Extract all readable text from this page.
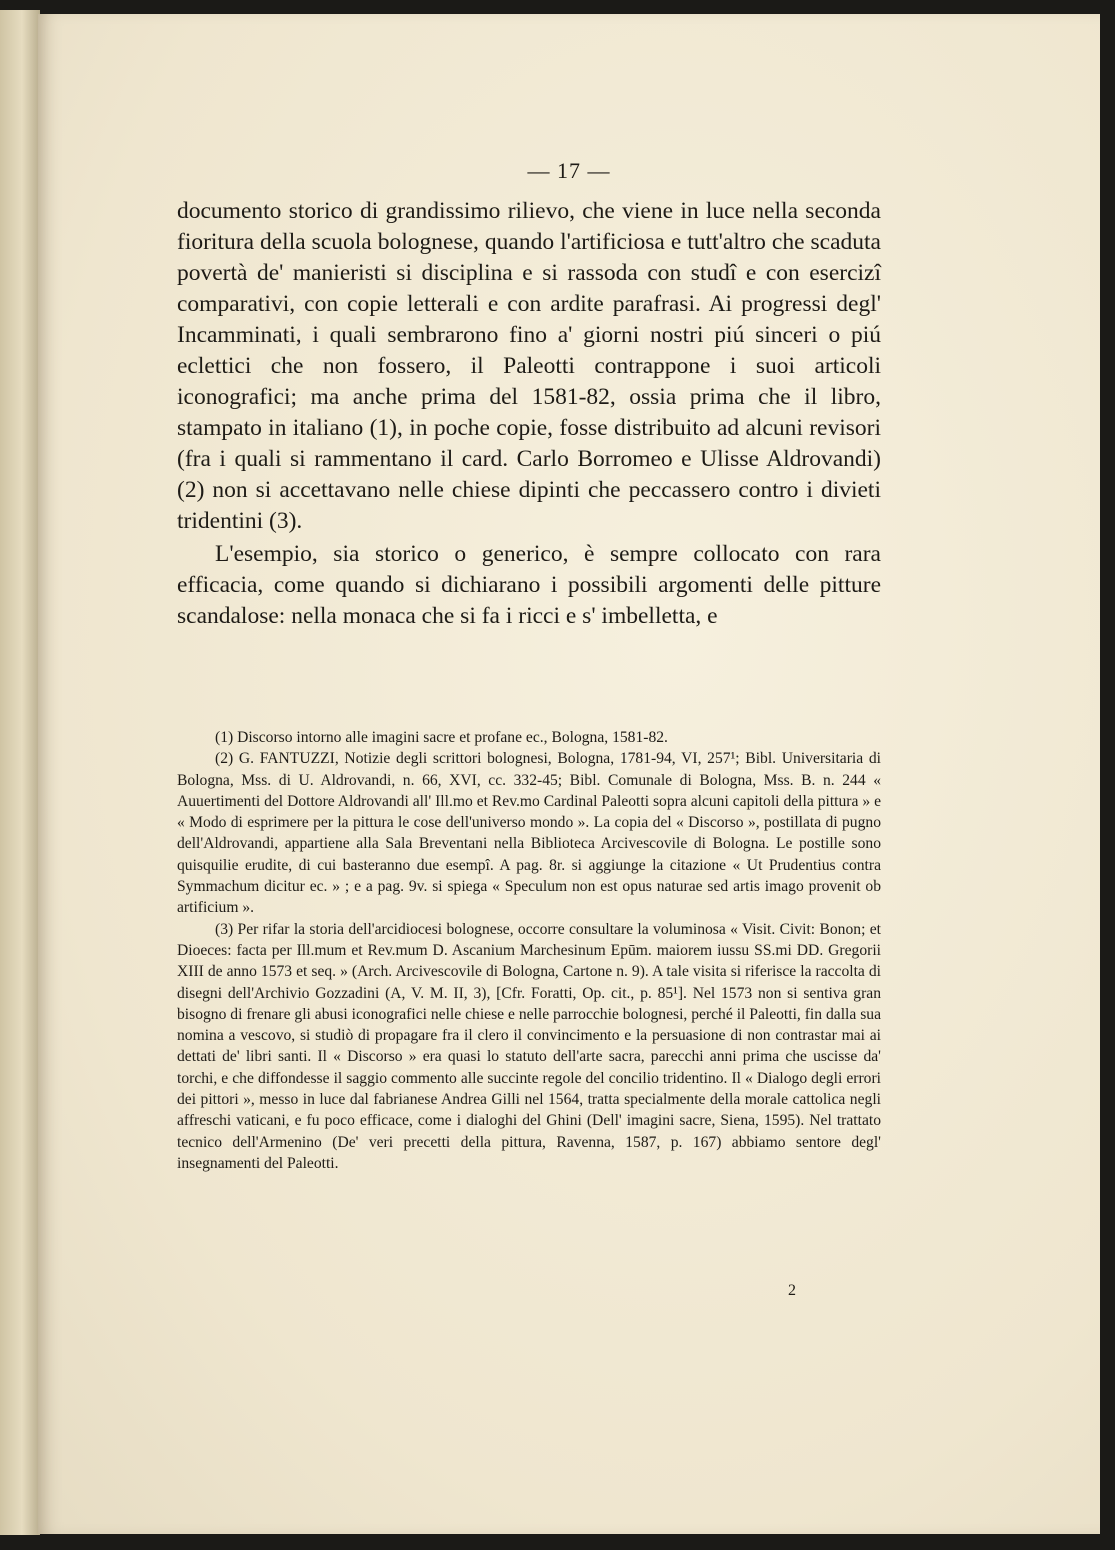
— 17 —

documento storico di grandissimo rilievo, che viene in luce nella seconda fioritura della scuola bolognese, quando l'artificiosa e tutt'altro che scaduta povertà de' manieristi si disciplina e si rassoda con studî e con esercizî comparativi, con copie letterali e con ardite parafrasi. Ai progressi degl' Incamminati, i quali sembrarono fino a' giorni nostri piú sinceri o piú eclettici che non fossero, il Paleotti contrappone i suoi articoli iconografici; ma anche prima del 1581-82, ossia prima che il libro, stampato in italiano (1), in poche copie, fosse distribuito ad alcuni revisori (fra i quali si rammentano il card. Carlo Borromeo e Ulisse Aldrovandi) (2) non si accettavano nelle chiese dipinti che peccassero contro i divieti tridentini (3).

L'esempio, sia storico o generico, è sempre collocato con rara efficacia, come quando si dichiarano i possibili argomenti delle pitture scandalose: nella monaca che si fa i ricci e s' imbelletta, e

(1) Discorso intorno alle imagini sacre et profane ec., Bologna, 1581-82.

(2) G. FANTUZZI, Notizie degli scrittori bolognesi, Bologna, 1781-94, VI, 257¹; Bibl. Universitaria di Bologna, Mss. di U. Aldrovandi, n. 66, XVI, cc. 332-45; Bibl. Comunale di Bologna, Mss. B. n. 244 « Auuertimenti del Dottore Aldrovandi all' Ill.mo et Rev.mo Cardinal Paleotti sopra alcuni capitoli della pittura » e « Modo di esprimere per la pittura le cose dell'universo mondo ». La copia del « Discorso », postillata di pugno dell'Aldrovandi, appartiene alla Sala Breventani nella Biblioteca Arcivescovile di Bologna. Le postille sono quisquilie erudite, di cui basteranno due esempî. A pag. 8r. si aggiunge la citazione « Ut Prudentius contra Symmachum dicitur ec. » ; e a pag. 9v. si spiega « Speculum non est opus naturae sed artis imago provenit ob artificium ».

(3) Per rifar la storia dell'arcidiocesi bolognese, occorre consultare la voluminosa « Visit. Civit: Bonon; et Dioeces: facta per Ill.mum et Rev.mum D. Ascanium Marchesinum Epūm. maiorem iussu SS.mi DD. Gregorii XIII de anno 1573 et seq. » (Arch. Arcivescovile di Bologna, Cartone n. 9). A tale visita si riferisce la raccolta di disegni dell'Archivio Gozzadini (A, V. M. II, 3), [Cfr. Foratti, Op. cit., p. 85¹]. Nel 1573 non si sentiva gran bisogno di frenare gli abusi iconografici nelle chiese e nelle parrocchie bolognesi, perché il Paleotti, fin dalla sua nomina a vescovo, si studiò di propagare fra il clero il convincimento e la persuasione di non contrastar mai ai dettati de' libri santi. Il « Discorso » era quasi lo statuto dell'arte sacra, parecchi anni prima che uscisse da' torchi, e che diffondesse il saggio commento alle succinte regole del concilio tridentino. Il « Dialogo degli errori dei pittori », messo in luce dal fabrianese Andrea Gilli nel 1564, tratta specialmente della morale cattolica negli affreschi vaticani, e fu poco efficace, come i dialoghi del Ghini (Dell' imagini sacre, Siena, 1595). Nel trattato tecnico dell'Armenino (De' veri precetti della pittura, Ravenna, 1587, p. 167) abbiamo sentore degl' insegnamenti del Paleotti.

2
